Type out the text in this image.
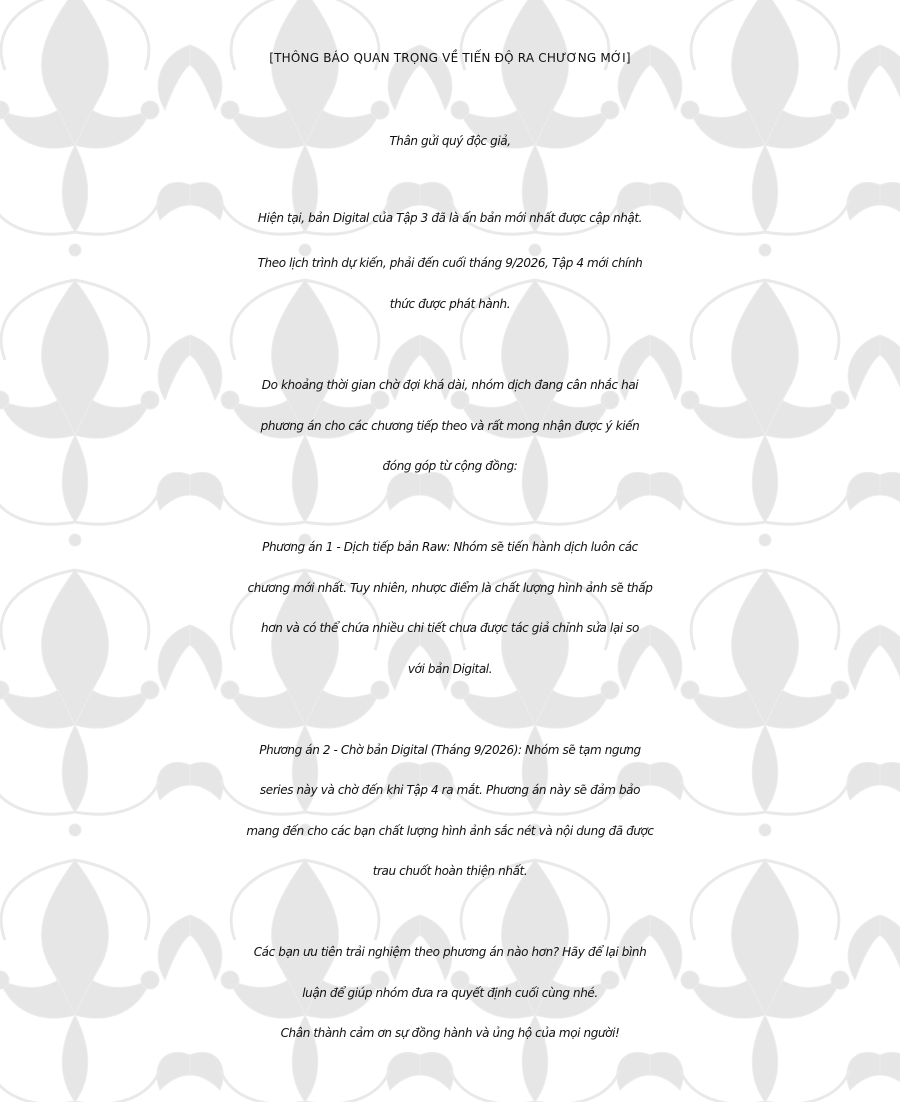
[THÔNG BÁO QUAN TRỌNG VỀ TIẾN ĐỘ RA CHƯƠNG MỚI]
Thân gửi quý độc giả,
Hiện tại, bản Digital của Tập 3 đã là ấn bản mới nhất được cập nhật.
Theo lịch trình dự kiến, phải đến cuối tháng 9/2026, Tập 4 mới chính
thức được phát hành.
Do khoảng thời gian chờ đợi khá dài, nhóm dịch đang cân nhắc hai
phương án cho các chương tiếp theo và rất mong nhận được ý kiến
đóng góp từ cộng đồng:
Phương án 1 - Dịch tiếp bản Raw: Nhóm sẽ tiến hành dịch luôn các
chương mới nhất. Tuy nhiên, nhược điểm là chất lượng hình ảnh sẽ thấp
hơn và có thể chứa nhiều chi tiết chưa được tác giả chỉnh sửa lại so
với bản Digital.
Phương án 2 - Chờ bản Digital (Tháng 9/2026): Nhóm sẽ tạm ngưng
series này và chờ đến khi Tập 4 ra mắt. Phương án này sẽ đảm bảo
mang đến cho các bạn chất lượng hình ảnh sắc nét và nội dung đã được
trau chuốt hoàn thiện nhất.
Các bạn ưu tiên trải nghiệm theo phương án nào hơn? Hãy để lại bình
luận để giúp nhóm đưa ra quyết định cuối cùng nhé.
Chân thành cảm ơn sự đồng hành và ủng hộ của mọi người!
